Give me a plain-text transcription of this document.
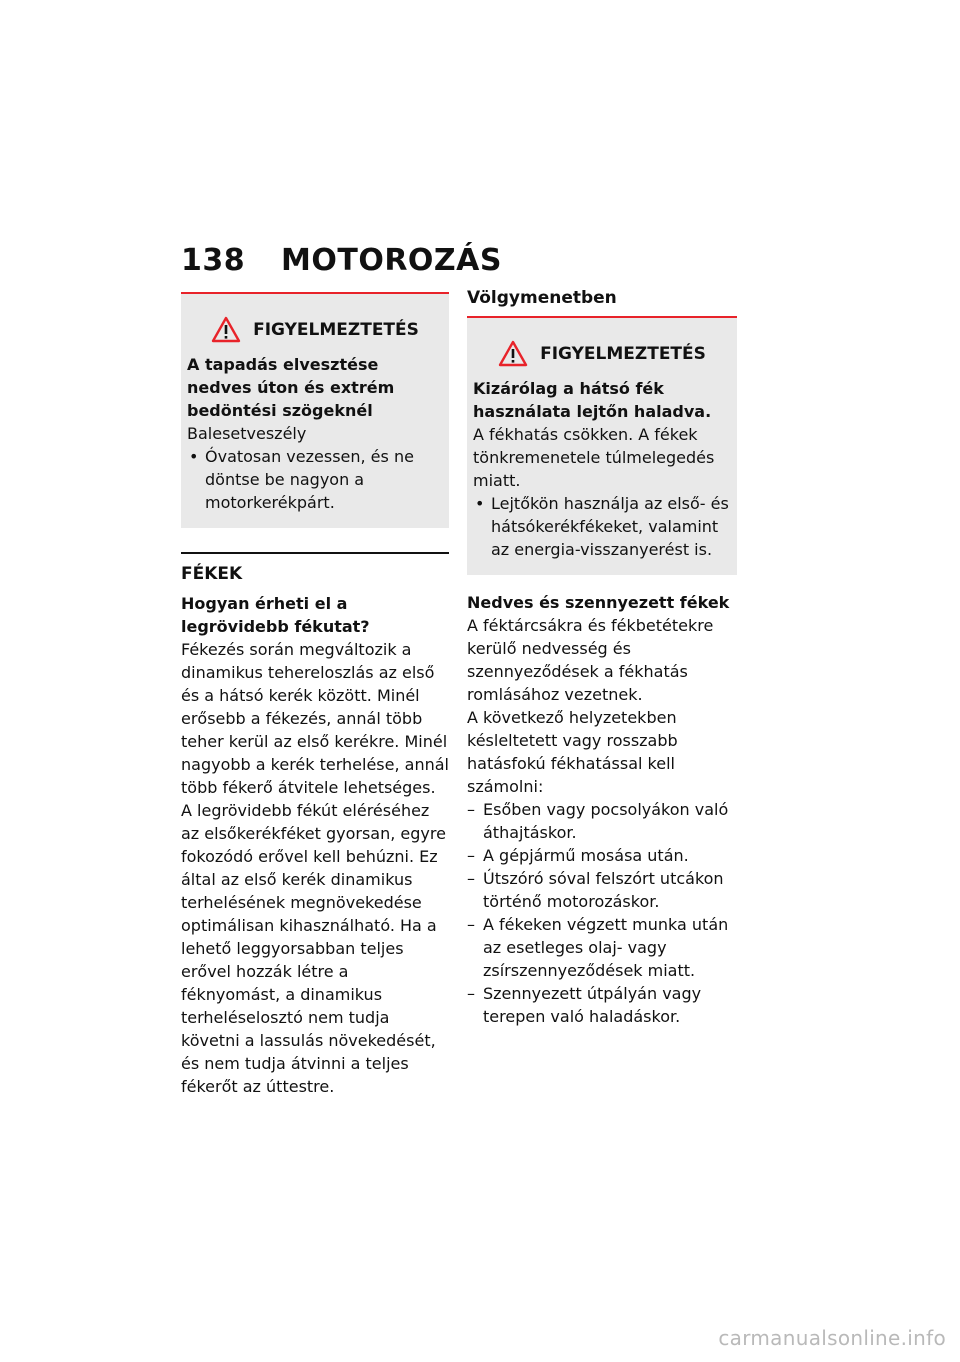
138 MOTOROZÁS
FIGYELMEZTETÉS
A tapadás elvesztése nedves úton és extrém bedöntési szögeknél
Balesetveszély
• Óvatosan vezessen, és ne döntse be nagyon a motorkerékpárt.
FÉKEK
Hogyan érheti el a legrövidebb fékutat?
Fékezés során megváltozik a dinamikus tehereloszlás az első és a hátsó kerék között. Minél erősebb a fékezés, annál több teher kerül az első kerékre. Minél nagyobb a kerék terhelése, annál több fékerő átvitele lehetséges.
A legrövidebb fékút eléréséhez az elsőkerékféket gyorsan, egyre fokozódó erővel kell behúzni. Ez által az első kerék dinamikus terhelésének megnövekedése optimálisan kihasználható. Ha a lehető leggyorsabban teljes erővel hozzák létre a féknyomást, a dinamikus terheléselosztó nem tudja követni a lassulás növekedését, és nem tudja átvinni a teljes fékerőt az úttestre.
Völgymenetben
FIGYELMEZTETÉS
Kizárólag a hátsó fék használata lejtőn haladva.
A fékhatás csökken. A fékek tönkremenetele túlmelegedés miatt.
• Lejtőkön használja az első- és hátsókerékfékeket, valamint az energia-visszanyerést is.
Nedves és szennyezett fékek
A féktárcsákra és fékbetétekre kerülő nedvesség és szennyeződések a fékhatás romlásához vezetnek.
A következő helyzetekben késleltetett vagy rosszabb hatásfokú fékhatással kell számolni:
– Esőben vagy pocsolyákon való áthajtáskor.
– A gépjármű mosása után.
– Útszóró sóval felszórt utcákon történő motorozáskor.
– A fékeken végzett munka után az esetleges olaj- vagy zsírszennyeződések miatt.
– Szennyezett útpályán vagy terepen való haladáskor.
carmanualsonline.info
